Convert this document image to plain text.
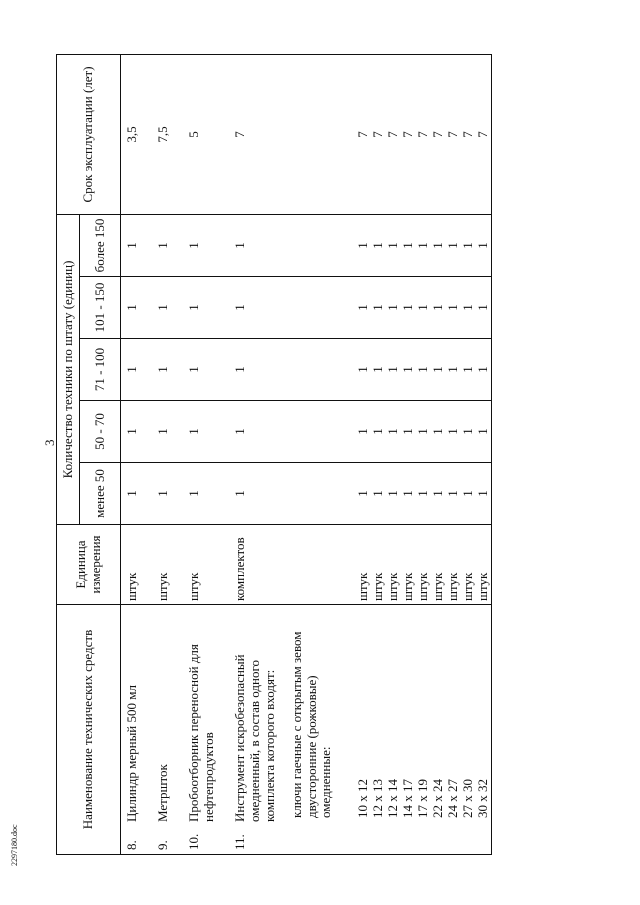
3
Наименование технических средств	Единица измерения	Количество техники по штату (единиц)					Срок эксплуатации (лет)
		менее 50	50 - 70	71 - 100	101 - 150	более 150	

8.
Цилиндр мерный 500 мл	штук	1	1	1	1	1	3,5

9.
Метршток	штук	1	1	1	1	1	7,5

10.
Пробоотборник переносной для нефтепродуктов	штук	1	1	1	1	1	5

11.
Инструмент искробезопасный омедненный, в состав одного комплекта которого входят:	комплектов	1	1	1	1	1	7

ключи гаечные с открытым зевом двусторонние (рожковые) омедненные:							

10 x 12	штук	1	1	1	1	1	7
12 x 13	штук	1	1	1	1	1	7
12 x 14	штук	1	1	1	1	1	7
14 x 17	штук	1	1	1	1	1	7
17 x 19	штук	1	1	1	1	1	7
22 x 24	штук	1	1	1	1	1	7
24 x 27	штук	1	1	1	1	1	7
27 x 30	штук	1	1	1	1	1	7
30 x 32	штук	1	1	1	1	1	7
2297180.doc
